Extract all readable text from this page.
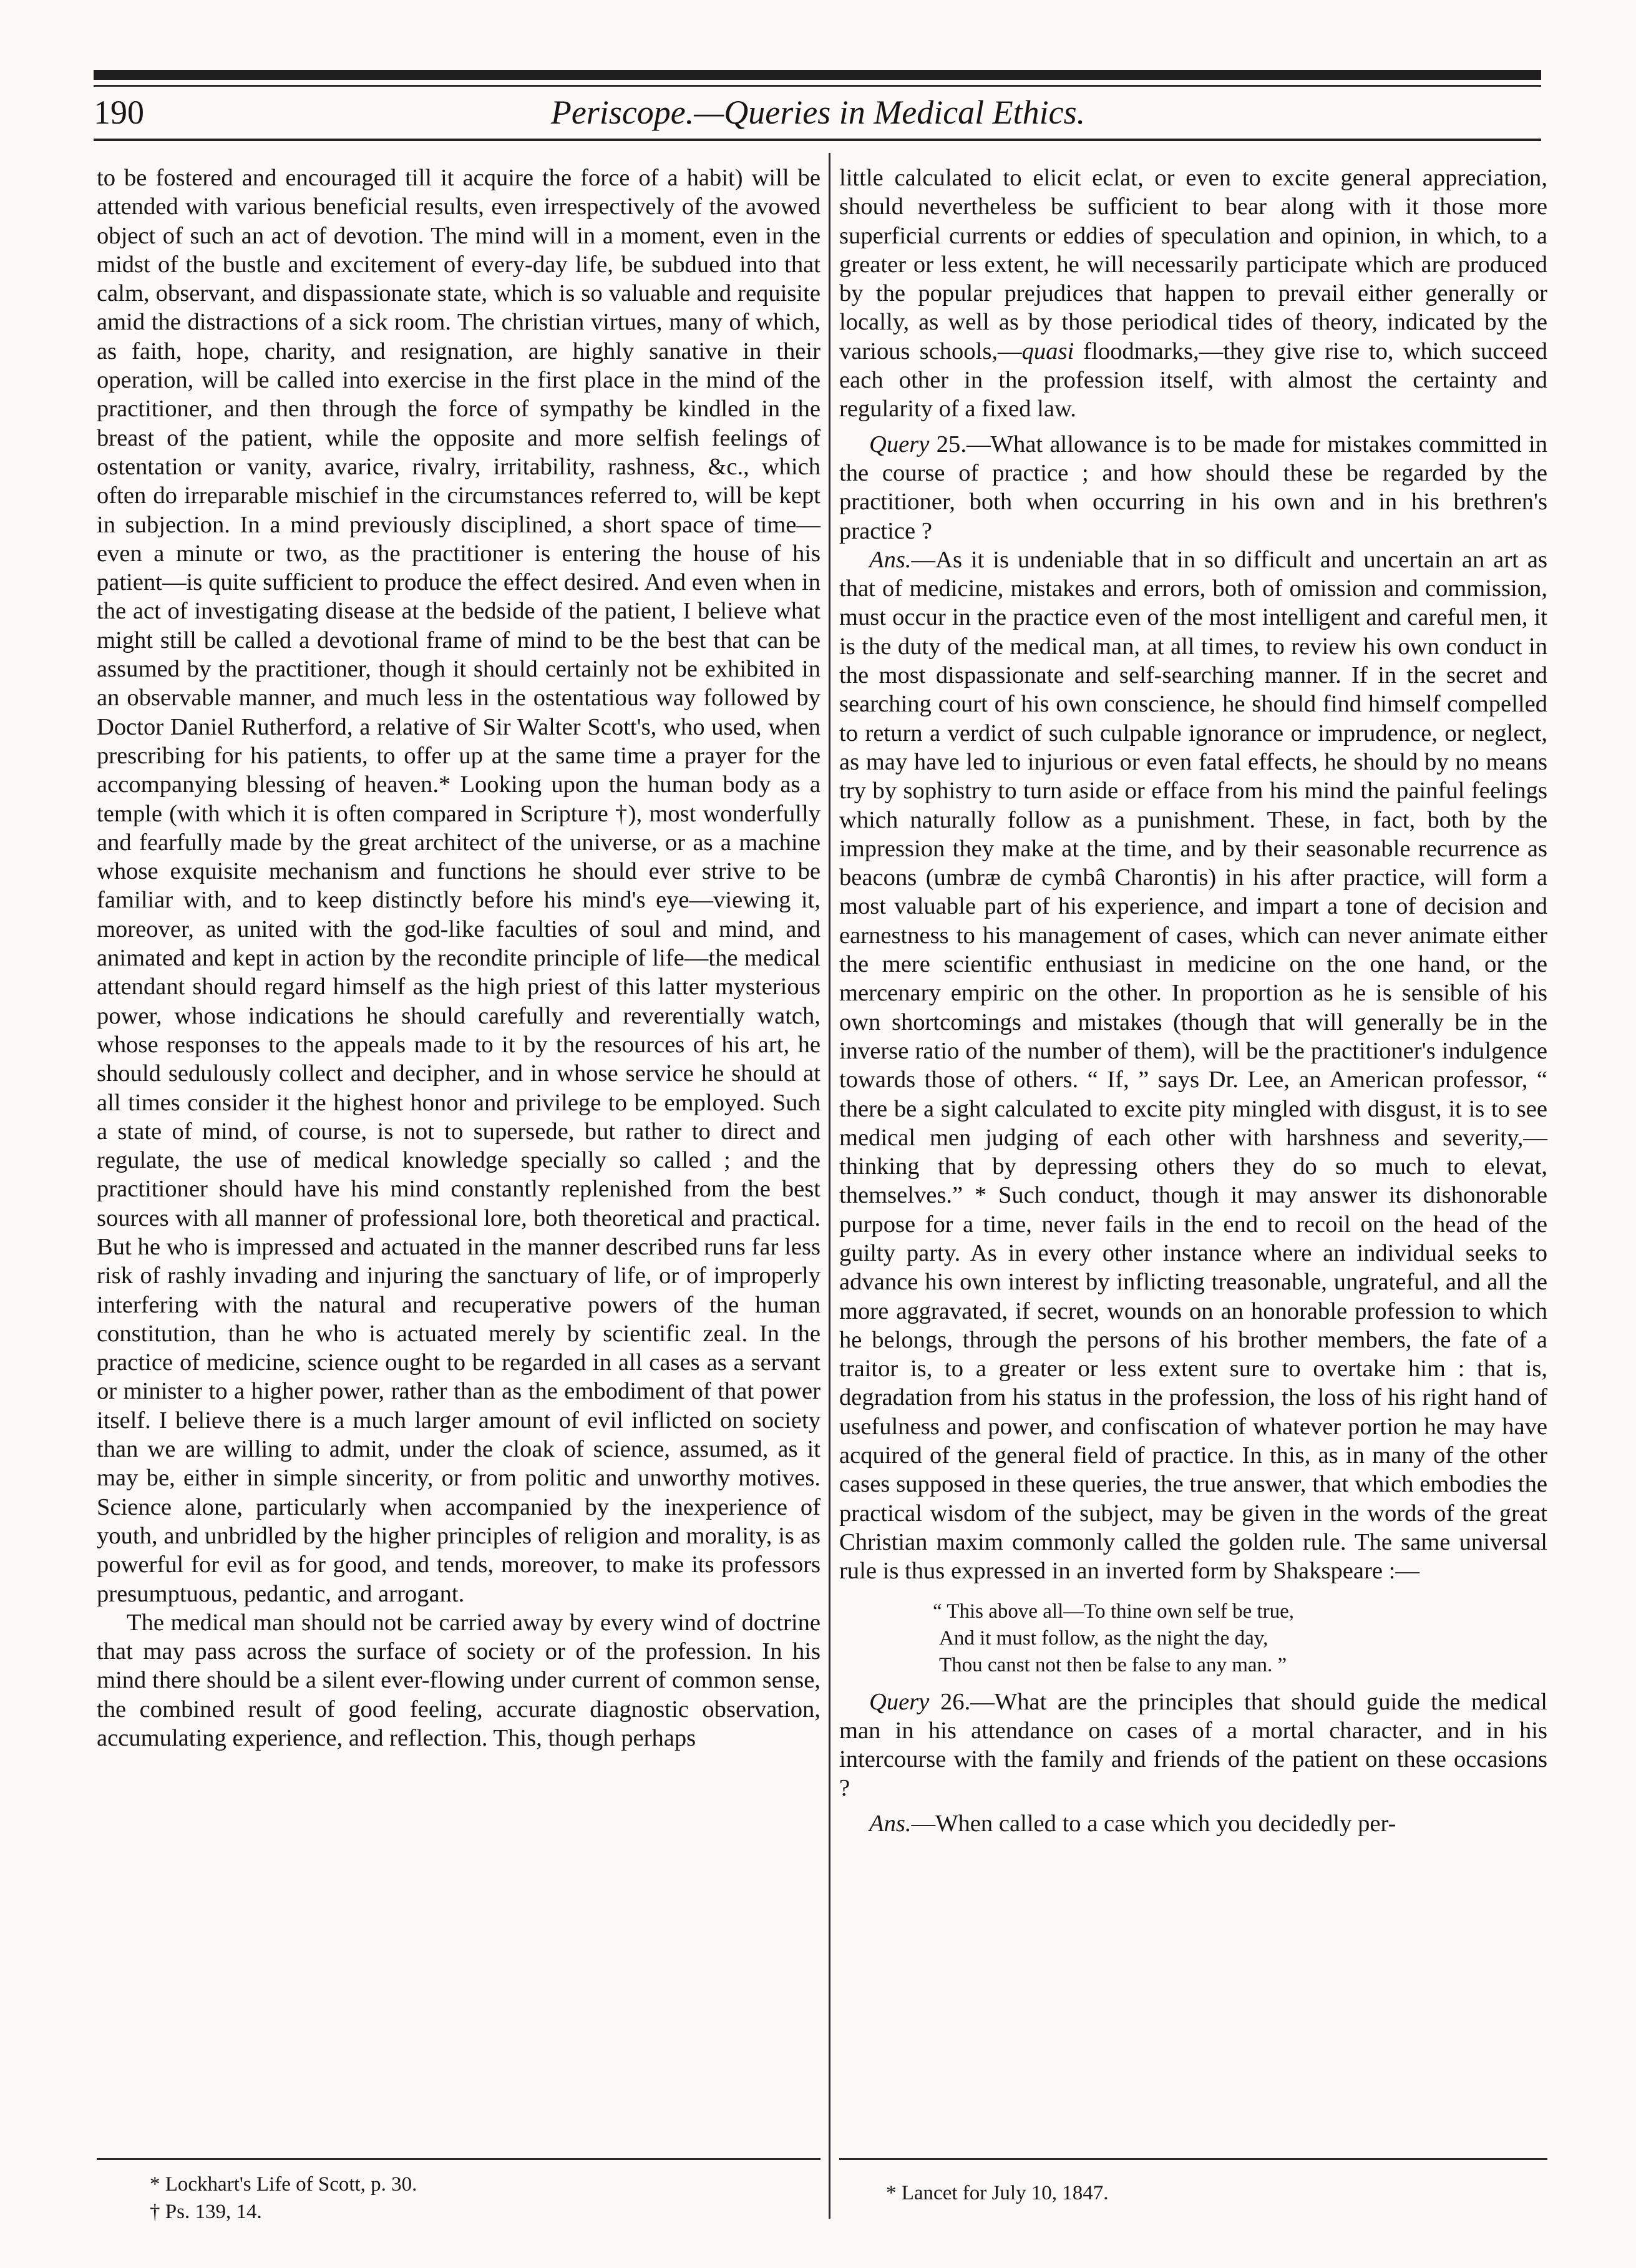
190	Periscope.—Queries in Medical Ethics.

to be fostered and encouraged till it acquire the force of a habit) will be attended with various beneficial results, even irrespectively of the avowed object of such an act of devotion. The mind will in a moment, even in the midst of the bustle and excitement of every-day life, be subdued into that calm, observant, and dispassionate state, which is so valuable and requisite amid the distractions of a sick room. The christian virtues, many of which, as faith, hope, charity, and resignation, are highly sanative in their operation, will be called into exercise in the first place in the mind of the practitioner, and then through the force of sympathy be kindled in the breast of the patient, while the opposite and more selfish feelings of ostentation or vanity, avarice, rivalry, irritability, rashness, &c., which often do irreparable mischief in the circumstances referred to, will be kept in subjection. In a mind previously disciplined, a short space of time—even a minute or two, as the practitioner is entering the house of his patient—is quite sufficient to produce the effect desired. And even when in the act of investigating disease at the bedside of the patient, I believe what might still be called a devotional frame of mind to be the best that can be assumed by the practitioner, though it should certainly not be exhibited in an observable manner, and much less in the ostentatious way followed by Doctor Daniel Rutherford, a relative of Sir Walter Scott's, who used, when prescribing for his patients, to offer up at the same time a prayer for the accompanying blessing of heaven.* Looking upon the human body as a temple (with which it is often compared in Scripture †), most wonderfully and fearfully made by the great architect of the universe, or as a machine whose exquisite mechanism and functions he should ever strive to be familiar with, and to keep distinctly before his mind's eye—viewing it, moreover, as united with the god-like faculties of soul and mind, and animated and kept in action by the recondite principle of life—the medical attendant should regard himself as the high priest of this latter mysterious power, whose indications he should carefully and reverentially watch, whose responses to the appeals made to it by the resources of his art, he should sedulously collect and decipher, and in whose service he should at all times consider it the highest honor and privilege to be employed. Such a state of mind, of course, is not to supersede, but rather to direct and regulate, the use of medical knowledge specially so called ; and the practitioner should have his mind constantly replenished from the best sources with all manner of professional lore, both theoretical and practical. But he who is impressed and actuated in the manner described runs far less risk of rashly invading and injuring the sanctuary of life, or of improperly interfering with the natural and recuperative powers of the human constitution, than he who is actuated merely by scientific zeal. In the practice of medicine, science ought to be regarded in all cases as a servant or minister to a higher power, rather than as the embodiment of that power itself. I believe there is a much larger amount of evil inflicted on society than we are willing to admit, under the cloak of science, assumed, as it may be, either in simple sincerity, or from politic and unworthy motives. Science alone, particularly when accompanied by the inexperience of youth, and unbridled by the higher principles of religion and morality, is as powerful for evil as for good, and tends, moreover, to make its professors presumptuous, pedantic, and arrogant.

The medical man should not be carried away by every wind of doctrine that may pass across the surface of society or of the profession. In his mind there should be a silent ever-flowing under current of common sense, the combined result of good feeling, accurate diagnostic observation, accumulating experience, and reflection. This, though perhaps

little calculated to elicit eclat, or even to excite general appreciation, should nevertheless be sufficient to bear along with it those more superficial currents or eddies of speculation and opinion, in which, to a greater or less extent, he will necessarily participate which are produced by the popular prejudices that happen to prevail either generally or locally, as well as by those periodical tides of theory, indicated by the various schools,—quasi floodmarks,—they give rise to, which succeed each other in the profession itself, with almost the certainty and regularity of a fixed law.

Query 25.—What allowance is to be made for mistakes committed in the course of practice ; and how should these be regarded by the practitioner, both when occurring in his own and in his brethren's practice ?

Ans.—As it is undeniable that in so difficult and uncertain an art as that of medicine, mistakes and errors, both of omission and commission, must occur in the practice even of the most intelligent and careful men, it is the duty of the medical man, at all times, to review his own conduct in the most dispassionate and self-searching manner. If in the secret and searching court of his own conscience, he should find himself compelled to return a verdict of such culpable ignorance or imprudence, or neglect, as may have led to injurious or even fatal effects, he should by no means try by sophistry to turn aside or efface from his mind the painful feelings which naturally follow as a punishment. These, in fact, both by the impression they make at the time, and by their seasonable recurrence as beacons (umbræ de cymbâ Charontis) in his after practice, will form a most valuable part of his experience, and impart a tone of decision and earnestness to his management of cases, which can never animate either the mere scientific enthusiast in medicine on the one hand, or the mercenary empiric on the other. In proportion as he is sensible of his own shortcomings and mistakes (though that will generally be in the inverse ratio of the number of them), will be the practitioner's indulgence towards those of others. “ If, ” says Dr. Lee, an American professor, “ there be a sight calculated to excite pity mingled with disgust, it is to see medical men judging of each other with harshness and severity,—thinking that by depressing others they do so much to elevat, themselves.” * Such conduct, though it may answer its dishonorable purpose for a time, never fails in the end to recoil on the head of the guilty party. As in every other instance where an individual seeks to advance his own interest by inflicting treasonable, ungrateful, and all the more aggravated, if secret, wounds on an honorable profession to which he belongs, through the persons of his brother members, the fate of a traitor is, to a greater or less extent sure to overtake him : that is, degradation from his status in the profession, the loss of his right hand of usefulness and power, and confiscation of whatever portion he may have acquired of the general field of practice. In this, as in many of the other cases supposed in these queries, the true answer, that which embodies the practical wisdom of the subject, may be given in the words of the great Christian maxim commonly called the golden rule. The same universal rule is thus expressed in an inverted form by Shakspeare :—

“ This above all—To thine own self be true,
And it must follow, as the night the day,
Thou canst not then be false to any man. ”

Query 26.—What are the principles that should guide the medical man in his attendance on cases of a mortal character, and in his intercourse with the family and friends of the patient on these occasions ?

Ans.—When called to a case which you decidedly per-

* Lockhart's Life of Scott, p. 30.
† Ps. 139, 14.
* Lancet for July 10, 1847.
